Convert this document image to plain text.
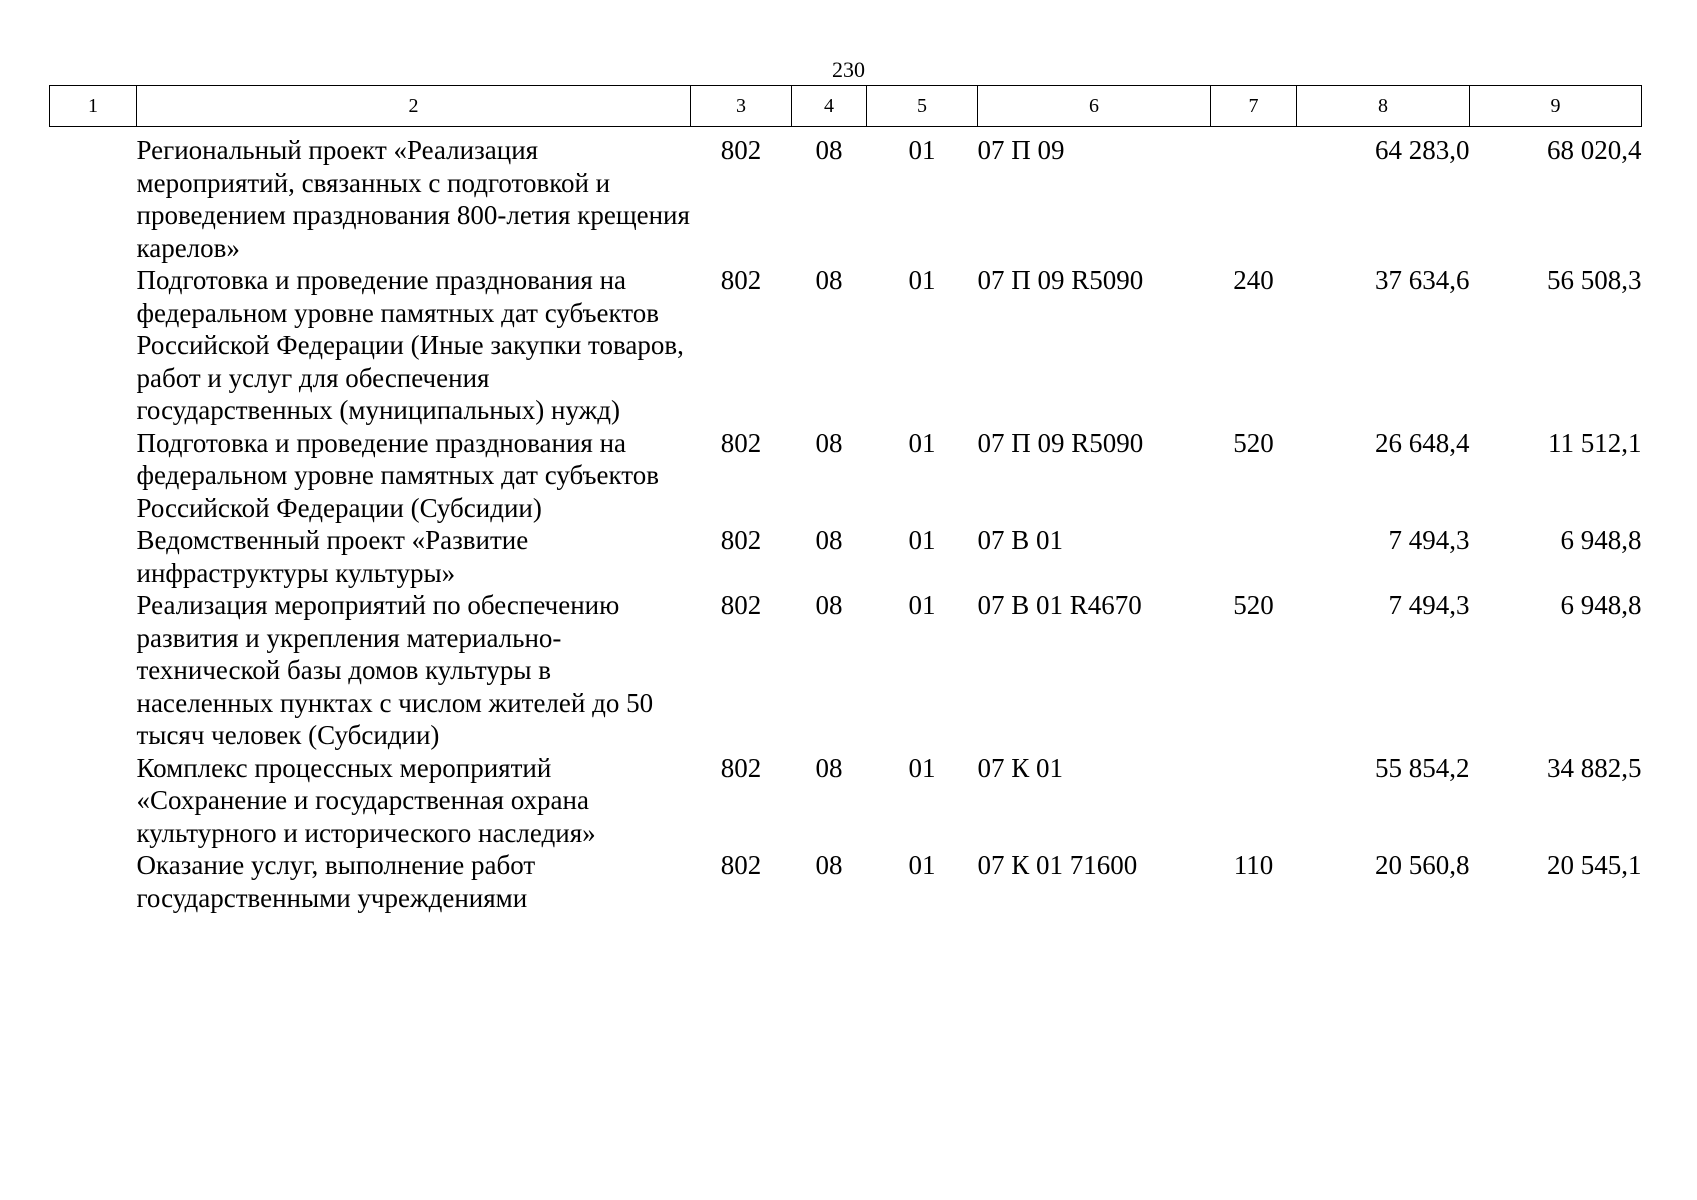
230
1	2	3	4	5	6	7	8	9
	Региональный проект «Реализация мероприятий, связанных с подготовкой и проведением празднования 800-летия крещения карелов»	802	08	01	07 П 09		64 283,0	68 020,4
	Подготовка и проведение празднования на федеральном уровне памятных дат субъектов Российской Федерации (Иные закупки товаров, работ и услуг для обеспечения государственных (муниципальных) нужд)	802	08	01	07 П 09 R5090	240	37 634,6	56 508,3
	Подготовка и проведение празднования на федеральном уровне памятных дат субъектов Российской Федерации (Субсидии)	802	08	01	07 П 09 R5090	520	26 648,4	11 512,1
	Ведомственный проект «Развитие инфраструктуры культуры»	802	08	01	07 В 01		7 494,3	6 948,8
	Реализация мероприятий по обеспечению развития и укрепления материально-технической базы домов культуры в населенных пунктах с числом жителей до 50 тысяч человек (Субсидии)	802	08	01	07 В 01 R4670	520	7 494,3	6 948,8
	Комплекс процессных мероприятий «Сохранение и государственная охрана культурного и исторического наследия»	802	08	01	07 К 01		55 854,2	34 882,5
	Оказание услуг, выполнение работ государственными учреждениями	802	08	01	07 К 01 71600	110	20 560,8	20 545,1
